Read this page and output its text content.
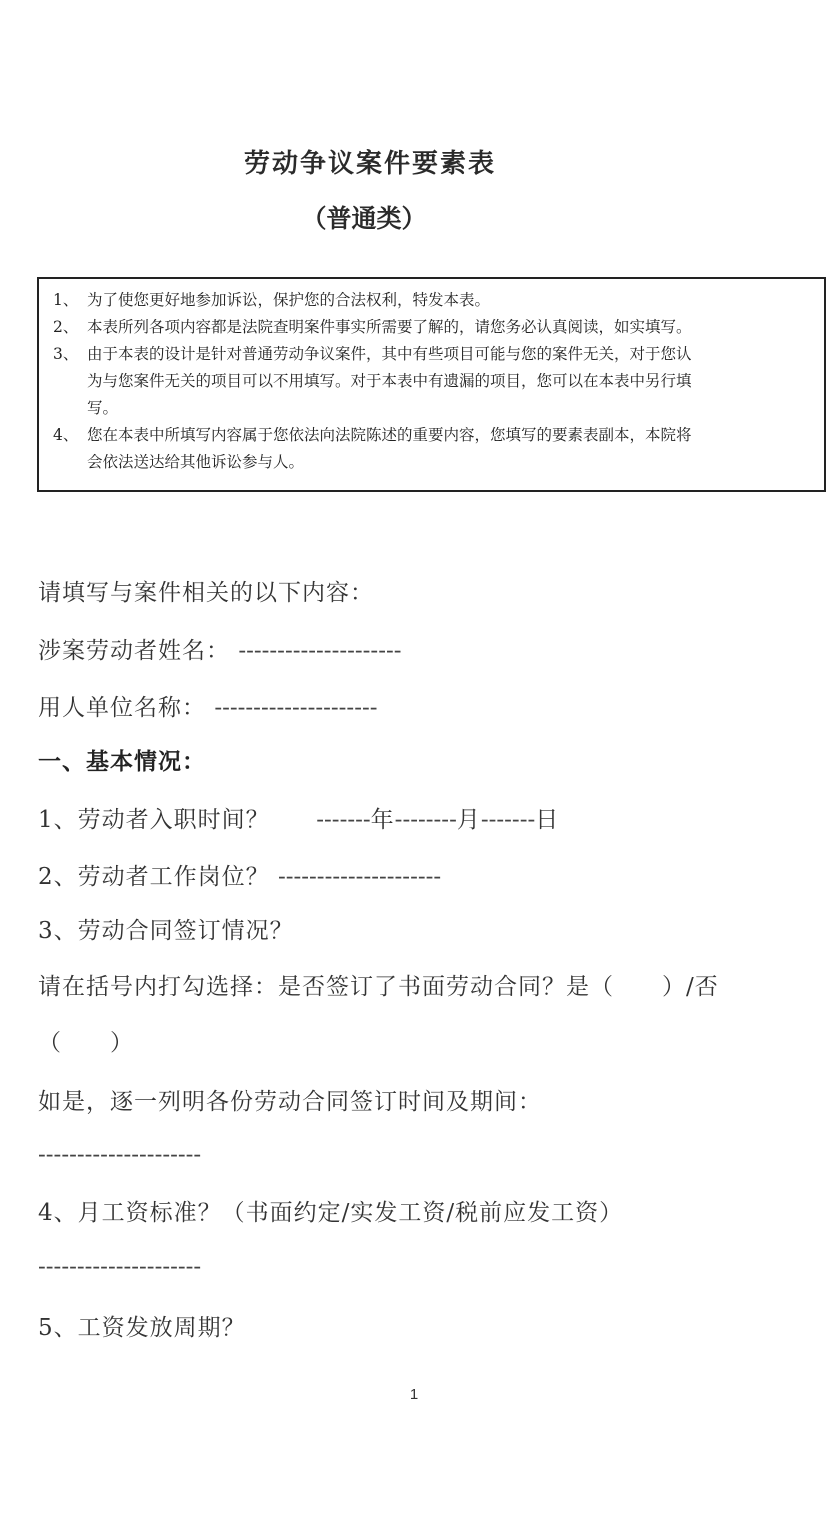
劳动争议案件要素表
（普通类）
1、 为了使您更好地参加诉讼，保护您的合法权利，特发本表。
2、 本表所列各项内容都是法院查明案件事实所需要了解的，请您务必认真阅读，如实填写。
3、 由于本表的设计是针对普通劳动争议案件，其中有些项目可能与您的案件无关，对于您认
为与您案件无关的项目可以不用填写。对于本表中有遗漏的项目，您可以在本表中另行填
写。
4、 您在本表中所填写内容属于您依法向法院陈述的重要内容，您填写的要素表副本，本院将
会依法送达给其他诉讼参与人。
请填写与案件相关的以下内容：
涉案劳动者姓名： ---------------------
用人单位名称： ---------------------
一、基本情况：
1、劳动者入职时间？ -------年--------月-------日
2、劳动者工作岗位？ ---------------------
3、劳动合同签订情况？
请在括号内打勾选择：是否签订了书面劳动合同？是（　　）/否
（　　）
如是，逐一列明各份劳动合同签订时间及期间：
---------------------
4、月工资标准？（书面约定/实发工资/税前应发工资）
---------------------
5、工资发放周期？
1
